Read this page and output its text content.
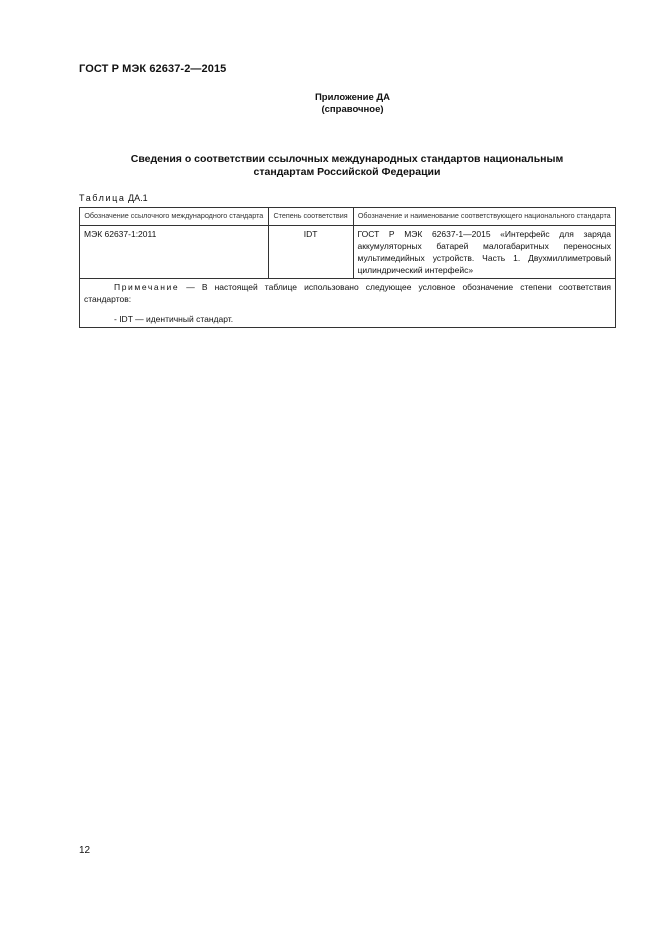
ГОСТ Р МЭК 62637-2—2015
Приложение ДА
(справочное)
Сведения о соответствии ссылочных международных стандартов национальным
стандартам Российской Федерации
Таблица ДА.1
Обозначение ссылочного международного стандарта	Степень соответствия	Обозначение и наименование соответствующего национального стандарта
МЭК 62637-1:2011	IDT	ГОСТ Р МЭК 62637-1—2015 «Интерфейс для заряда аккумуляторных батарей малогабаритных переносных мультимедийных устройств. Часть 1. Двухмиллиметровый цилиндрический интерфейс»

Примечание — В настоящей таблице использовано следующее условное обозначение степени соответствия стандартов:

- IDT — идентичный стандарт.		
12
